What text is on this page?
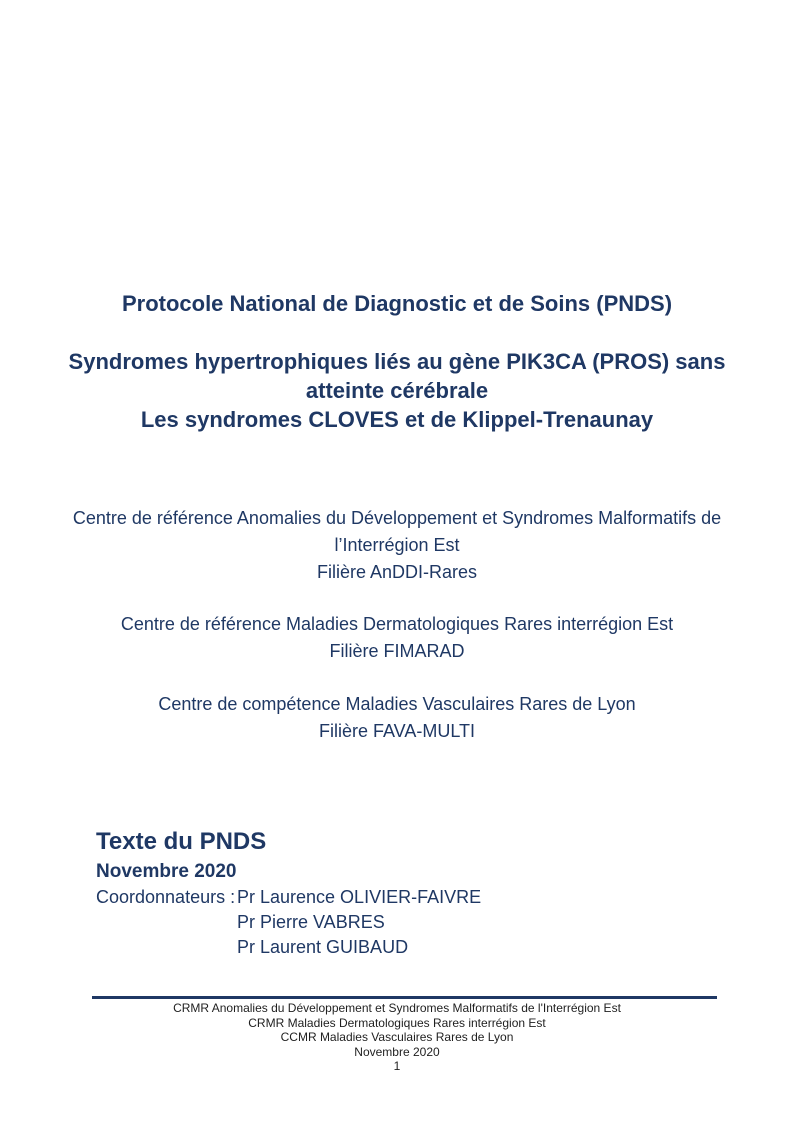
Protocole National de Diagnostic et de Soins (PNDS)
Syndromes hypertrophiques liés au gène PIK3CA (PROS) sans
atteinte cérébrale
Les syndromes CLOVES et de Klippel-Trenaunay
Centre de référence Anomalies du Développement et Syndromes Malformatifs de
l’Interrégion Est
Filière AnDDI-Rares
Centre de référence Maladies Dermatologiques Rares interrégion Est
Filière FIMARAD
Centre de compétence Maladies Vasculaires Rares de Lyon
Filière FAVA-MULTI
Texte du PNDS
Novembre 2020
Coordonnateurs : Pr Laurence OLIVIER-FAIVRE
Pr Pierre VABRES
Pr Laurent GUIBAUD
CRMR Anomalies du Développement et Syndromes Malformatifs de l'Interrégion Est
CRMR Maladies Dermatologiques Rares interrégion Est
CCMR Maladies Vasculaires Rares de Lyon
Novembre 2020
1
